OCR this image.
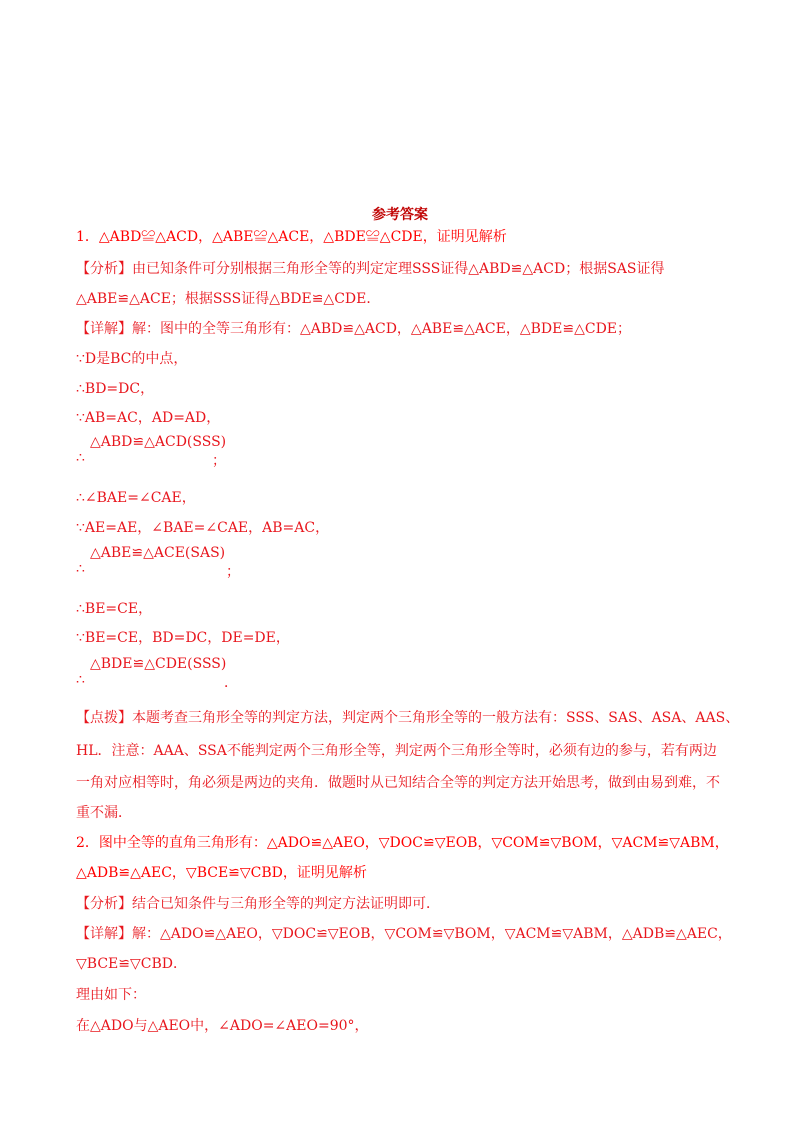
参考答案
1．△ABD≌△ACD，△ABE≌△ACE，△BDE≌△CDE，证明见解析
【分析】由已知条件可分别根据三角形全等的判定定理SSS证得△ABD≌△ACD；根据SAS证得
△ABE≌△ACE；根据SSS证得△BDE≌△CDE．
【详解】解：图中的全等三角形有：△ABD≌△ACD，△ABE≌△ACE，△BDE≌△CDE；
∵D是BC的中点，
∴BD=DC，
∵AB=AC，AD=AD，
△ABD≌△ACD(SSS)
∴	；
∴∠BAE=∠CAE，
∵AE=AE，∠BAE=∠CAE，AB=AC，
△ABE≌△ACE(SAS)
∴	；
∴BE=CE，
∵BE=CE，BD=DC，DE=DE，
△BDE≌△CDE(SSS)
∴	．
【点拨】本题考查三角形全等的判定方法，判定两个三角形全等的一般方法有：SSS、SAS、ASA、AAS、
HL．注意：AAA、SSA不能判定两个三角形全等，判定两个三角形全等时，必须有边的参与，若有两边
一角对应相等时，角必须是两边的夹角．做题时从已知结合全等的判定方法开始思考，做到由易到难，不
重不漏．
2．图中全等的直角三角形有：△ADO≌△AEO，▽DOC≌▽EOB，▽COM≌▽BOM，▽ACM≌▽ABM，
△ADB≌△AEC，▽BCE≌▽CBD，证明见解析
【分析】结合已知条件与三角形全等的判定方法证明即可．
【详解】解：△ADO≌△AEO，▽DOC≌▽EOB，▽COM≌▽BOM，▽ACM≌▽ABM，△ADB≌△AEC，
▽BCE≌▽CBD．
理由如下：
在△ADO与△AEO中，∠ADO=∠AEO=90°，
